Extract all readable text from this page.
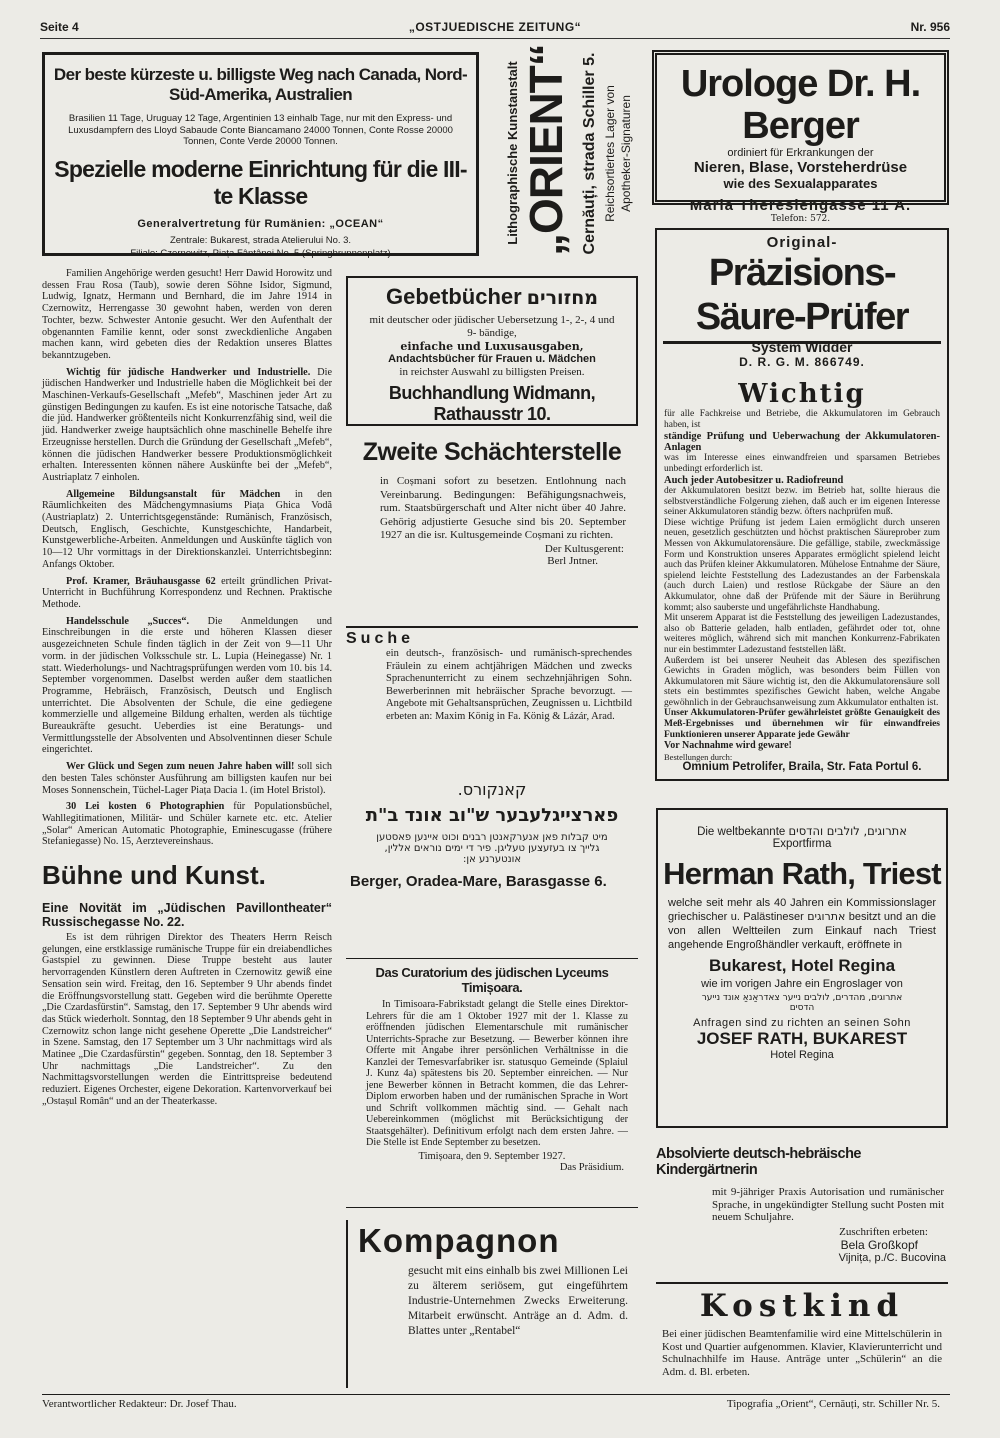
Seite 4	„OSTJUEDISCHE ZEITUNG“	Nr. 956
Der beste kürzeste u. billigste Weg nach Canada, Nord-Süd-Amerika, Australien
Brasilien 11 Tage, Uruguay 12 Tage, Argentinien 13 einhalb Tage, nur mit den Express- und Luxusdampfern des Lloyd Sabaude Conte Biancamano 24000 Tonnen, Conte Rosse 20000 Tonnen, Conte Verde 20000 Tonnen.
Spezielle moderne Einrichtung für die III-te Klasse
Generalvertretung für Rumänien: „OCEAN“
Zentrale: Bukarest, strada Atelierului No. 3.
Filiale: Czernowitz, Piața Fântânei No. 5 (Springbrunnenplatz)
Lithographische Kunstanstalt „ORIENT“ Cernăuți, strada Schiller 5. Reichsortiertes Lager von Apotheker-Signaturen
Urologe Dr. H. Berger
ordiniert für Erkrankungen der
Nieren, Blase, Vorsteherdrüse
wie des Sexualapparates
Maria Theresiengasse 11 A.
Telefon: 572.
Original-
Präzisions-Säure-Prüfer
System Widder
D. R. G. M. 866749.
Wichtig

für alle Fachkreise und Betriebe, die Akkumulatoren im Gebrauch haben, ist

ständige Prüfung und Ueberwachung der Akkumulatoren-Anlagen

was im Interesse eines einwandfreien und sparsamen Betriebes unbedingt erforderlich ist.

Auch jeder Autobesitzer u. Radiofreund

der Akkumulatoren besitzt bezw. im Betrieb hat, sollte hieraus die selbstverständliche Folgerung ziehen, daß auch er im eigenen Interesse seiner Akkumulatoren ständig bezw. öfters nachprüfen muß.

Diese wichtige Prüfung ist jedem Laien ermöglicht durch unseren neuen, gesetzlich geschützten und höchst praktischen Säureprober zum Messen von Akkumulatorensäure. Die gefällige, stabile, zweckmässige Form und Konstruktion unseres Apparates ermöglicht spielend leicht auch das Prüfen kleiner Akkumulatoren. Mühelose Entnahme der Säure, spielend leichte Feststellung des Ladezustandes an der Farbenskala (auch durch Laien) und restlose Rückgabe der Säure an den Akkumulator, ohne daß der Prüfende mit der Säure in Berührung kommt; also sauberste und ungefährlichste Handhabung.

Mit unserem Apparat ist die Feststellung des jeweiligen Ladezustandes, also ob Batterie geladen, halb entladen, gefährdet oder tot, ohne weiteres möglich, während sich mit manchen Konkurrenz-Fabrikaten nur ein bestimmter Ladezustand feststellen läßt.

Außerdem ist bei unserer Neuheit das Ablesen des spezifischen Gewichts in Graden möglich, was besonders beim Füllen von Akkumulatoren mit Säure wichtig ist, den die Akkumulatorensäure soll stets ein bestimmtes spezifisches Gewicht haben, welche Angabe gewöhnlich in der Gebrauchsanweisung zum Akkumulator enthalten ist.

Unser Akkumulatoren-Prüfer gewährleistet größte Genauigkeit des Meß-Ergebnisses und übernehmen wir für einwandfreies Funktionieren unserer Apparate jede Gewähr

Vor Nachnahme wird geware!

Bestellungen durch:

Omnium Petrolifer, Braila, Str. Fata Portul 6.

Familien Angehörige werden gesucht! Herr Dawid Horowitz und dessen Frau Rosa (Taub), sowie deren Söhne Isidor, Sigmund, Ludwig, Ignatz, Hermann und Bernhard, die im Jahre 1914 in Czernowitz, Herrengasse 30 gewohnt haben, werden von deren Tochter, bezw. Schwester Antonie gesucht. Wer den Aufenthalt der obgenannten Familie kennt, oder sonst zweckdienliche Angaben machen kann, wird gebeten dies der Redaktion unseres Blattes bekanntzugeben.

Wichtig für jüdische Handwerker und Industrielle. Die jüdischen Handwerker und Industrielle haben die Möglichkeit bei der Maschinen-Verkaufs-Gesellschaft „Mefeb“, Maschinen jeder Art zu günstigen Bedingungen zu kaufen. Es ist eine notorische Tatsache, daß die jüd. Handwerker größtenteils nicht Konkurrenzfähig sind, weil die jüd. Handwerker zweige hauptsächlich ohne maschinelle Behelfe ihre Erzeugnisse herstellen. Durch die Gründung der Gesellschaft „Mefeb“, können die jüdischen Handwerker bessere Produktionsmöglichkeit erhalten. Interessenten können nähere Auskünfte bei der „Mefeb“, Austriaplatz 7 einholen.

Allgemeine Bildungsanstalt für Mädchen in den Räumlichkeiten des Mädchengymnasiums Piața Ghica Vodă (Austriaplatz) 2. Unterrichtsgegenstände: Rumänisch, Französisch, Deutsch, Englisch, Geschichte, Kunstgeschichte, Handarbeit, Kunstgewerbliche-Arbeiten. Anmeldungen und Auskünfte täglich von 10—12 Uhr vormittags in der Direktionskanzlei. Unterrichtsbeginn: Anfangs Oktober.

Prof. Kramer, Bräuhausgasse 62 erteilt gründlichen Privat-Unterricht in Buchführung Korrespondenz und Rechnen. Praktische Methode.

Handelsschule „Succes“. Die Anmeldungen und Einschreibungen in die erste und höheren Klassen dieser ausgezeichneten Schule finden täglich in der Zeit von 9—11 Uhr vorm. in der jüdischen Volksschule str. L. Lupia (Heinegasse) Nr. 1 statt. Wiederholungs- und Nachtragsprüfungen werden vom 10. bis 14. September vorgenommen. Daselbst werden außer dem staatlichen Programme, Hebräisch, Französisch, Deutsch und Englisch unterrichtet. Die Absolventen der Schule, die eine gediegene kommerzielle und allgemeine Bildung erhalten, werden als tüchtige Bureaukräfte gesucht. Ueberdies ist eine Beratungs- und Vermittlungsstelle der Absolventen und Absolventinnen dieser Schule eingerichtet.

Wer Glück und Segen zum neuen Jahre haben will! soll sich den besten Tales schönster Ausführung am billigsten kaufen nur bei Moses Sonnenschein, Tüchel-Lager Piața Dacia 1. (im Hotel Bristol).

30 Lei kosten 6 Photographien für Populationsbüchel, Wahllegitimationen, Militär- und Schüler karnete etc. etc. Atelier „Solar“ American Automatic Photographie, Eminescugasse (frühere Stefaniegasse) No. 15, Aerztevereinshaus.

Bühne und Kunst.

Eine Novität im „Jüdischen Pavillontheater“ Russischegasse No. 22.

Es ist dem rührigen Direktor des Theaters Herrn Reisch gelungen, eine erstklassige rumänische Truppe für ein dreiabendliches Gastspiel zu gewinnen. Diese Truppe besteht aus lauter hervorragenden Künstlern deren Auftreten in Czernowitz gewiß eine Sensation sein wird. Freitag, den 16. September 9 Uhr abends findet die Eröffnungsvorstellung statt. Gegeben wird die berühmte Operette „Die Czardasfürstin“. Samstag, den 17. September 9 Uhr abends wird das Stück wiederholt. Sonntag, den 18 September 9 Uhr abends geht in Czernowitz schon lange nicht gesehene Operette „Die Landstreicher“ in Szene. Samstag, den 17 September um 3 Uhr nachmittags wird als Matinee „Die Czardasfürstin“ gegeben. Sonntag, den 18. September 3 Uhr nachmittags „Die Landstreicher“. Zu den Nachmittagsvorstellungen werden die Eintrittspreise bedeutend reduziert. Eigenes Orchester, eigene Dekoration. Kartenvorverkauf bei „Ostașul Român“ und an der Theaterkasse.

Gebetbücher מחזורים
mit deutscher oder jüdischer Uebersetzung 1-, 2-, 4 und 9- bändige,
einfache und Luxusausgaben,
Andachtsbücher für Frauen u. Mädchen
in reichster Auswahl zu billigsten Preisen.
Buchhandlung Widmann, Rathausstr 10.
Zweite Schächterstelle

in Coșmani sofort zu besetzen. Entlohnung nach Vereinbarung. Bedingungen: Befähigungsnachweis, rum. Staatsbürgerschaft und Alter nicht über 40 Jahre. Gehörig adjustierte Gesuche sind bis 20. September 1927 an die isr. Kultusgemeinde Coșmani zu richten.

Der Kultusgerent:
Berl Jntner.
Suche

ein deutsch-, französisch- und rumänisch-sprechendes Fräulein zu einem achtjährigen Mädchen und zwecks Sprachenunterricht zu einem sechzehnjährigen Sohn. Bewerberinnen mit hebräischer Sprache bevorzugt. — Angebote mit Gehaltsansprüchen, Zeugnissen u. Lichtbild erbeten an: Maxim König in Fa. König & Lázár, Arad.

קאנקורס.
פארצייגלעבער ש"וב אונד ב"ת
מיט קבלות פאן אנערקאנטן רבנים וכוט איינען פאסטען
גלייך צו בעזעצען טעליגן. פיר די ימים נוראים אללין,
אונטערנע אן:
Berger, Oradea-Mare, Barasgasse 6.
Das Curatorium des jüdischen Lyceums Timișoara.

In Timisoara-Fabrikstadt gelangt die Stelle eines Direktor-Lehrers für die am 1 Oktober 1927 mit der 1. Klasse zu eröffnenden jüdischen Elementarschule mit rumänischer Unterrichts-Sprache zur Besetzung. — Bewerber können ihre Offerte mit Angabe ihrer persönlichen Verhältnisse in die Kanzlei der Temesvarfabriker isr. statusquo Gemeinde (Splaiul J. Kunz 4a) spätestens bis 20. September einreichen. — Nur jene Bewerber können in Betracht kommen, die das Lehrer-Diplom erworben haben und der rumänischen Sprache in Wort und Schrift vollkommen mächtig sind. — Gehalt nach Uebereinkommen (möglichst mit Berücksichtigung der Staatsgehälter). Definitivum erfolgt nach dem ersten Jahre. — Die Stelle ist Ende September zu besetzen.

Timișoara, den 9. September 1927.
Das Präsidium.
Kompagnon

gesucht mit eins einhalb bis zwei Millionen Lei zu älterem seriösem, gut eingeführtem Industrie-Unternehmen Zwecks Erweiterung. Mitarbeit erwünscht. Anträge an d. Adm. d. Blattes unter „Rentabel“

Die weltbekannte אתרוגים, לולבים והדסים
Exportfirma
Herman Rath, Triest

welche seit mehr als 40 Jahren ein Kommissionslager griechischer u. Palästineser אתרוגים besitzt und an die von allen Weltteilen zum Einkauf nach Triest angehende Engroßhändler verkauft, eröffnete in

Bukarest, Hotel Regina
wie im vorigen Jahre ein Engroslager von
אתרוגים, מהדרים, לולבים נייער צאדראַנאַ אונד נייער
הדסים
Anfragen sind zu richten an seinen Sohn
JOSEF RATH, BUKAREST
Hotel Regina
Absolvierte deutsch-hebräische Kindergärtnerin

mit 9-jähriger Praxis Autorisation und rumänischer Sprache, in ungekündigter Stellung sucht Posten mit neuem Schuljahre.

Zuschriften erbeten:
Bela Großkopf
Vijnița, p./C. Bucovina
Kostkind

Bei einer jüdischen Beamtenfamilie wird eine Mittelschülerin in Kost und Quartier aufgenommen. Klavier, Klavierunterricht und Schulnachhilfe im Hause. Anträge unter „Schülerin“ an die Adm. d. Bl. erbeten.

Verantwortlicher Redakteur: Dr. Josef Thau.	Tipografia „Orient“, Cernăuți, str. Schiller Nr. 5.
